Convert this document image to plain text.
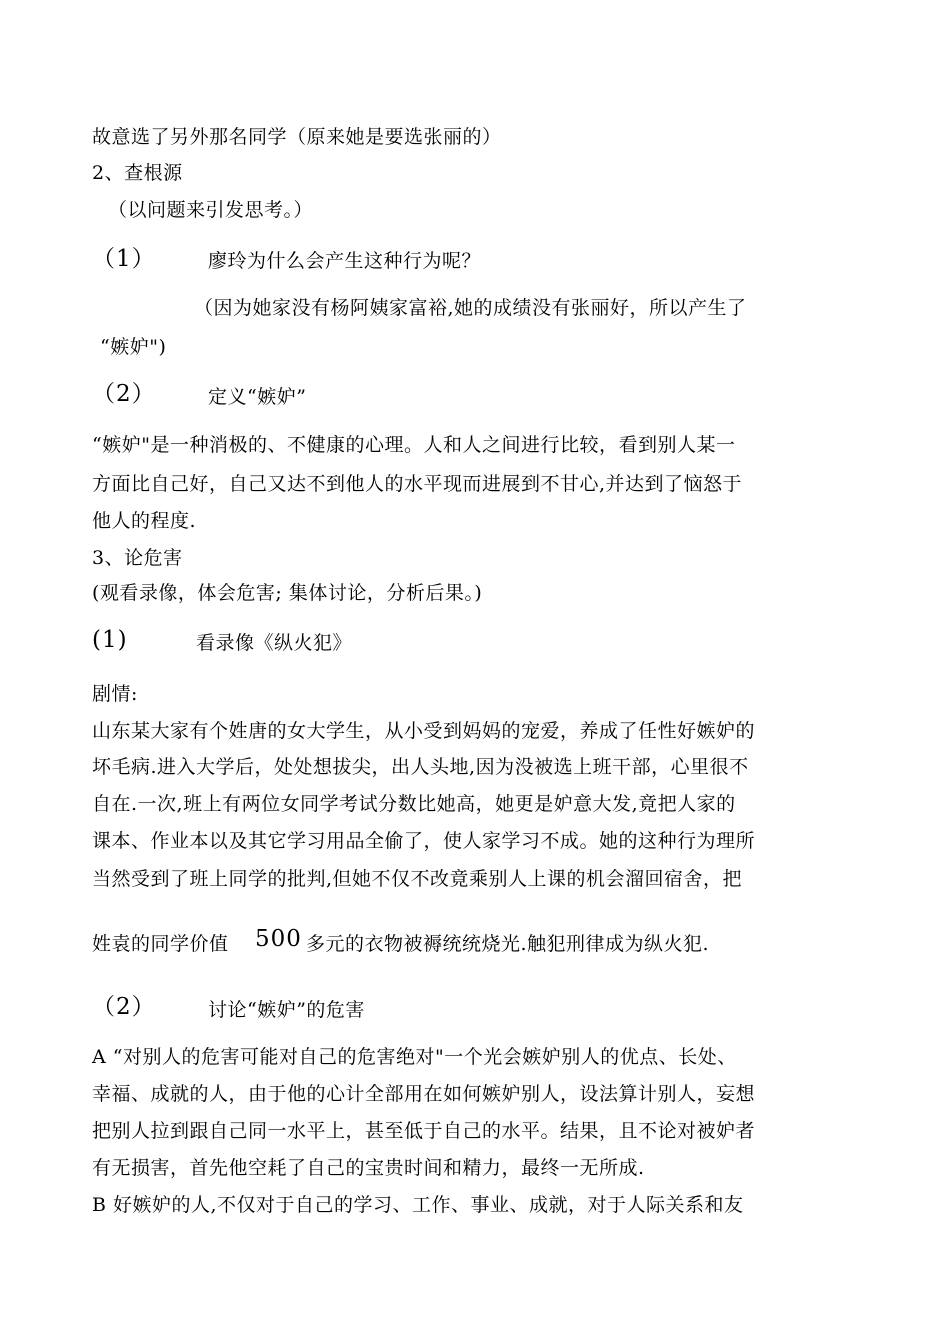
故意选了另外那名同学（原来她是要选张丽的）
2、查根源
（以问题来引发思考。）
（1）	廖玲为什么会产生这种行为呢？
（因为她家没有杨阿姨家富裕,她的成绩没有张丽好，所以产生了
“嫉妒")
（2）	定义“嫉妒”
“嫉妒"是一种消极的、不健康的心理。人和人之间进行比较，看到别人某一
方面比自己好，自己又达不到他人的水平现而进展到不甘心,并达到了恼怒于
他人的程度.
3、论危害
(观看录像，体会危害; 集体讨论，分析后果。)
(1)	看录像《纵火犯》
剧情:
山东某大家有个姓唐的女大学生，从小受到妈妈的宠爱，养成了任性好嫉妒的
坏毛病.进入大学后，处处想拔尖，出人头地,因为没被选上班干部，心里很不
自在.一次,班上有两位女同学考试分数比她高，她更是妒意大发,竟把人家的
课本、作业本以及其它学习用品全偷了，使人家学习不成。她的这种行为理所
当然受到了班上同学的批判,但她不仅不改竟乘别人上课的机会溜回宿舍，把
姓袁的同学价值 500 多元的衣物被褥统统烧光.触犯刑律成为纵火犯.
（2）	讨论“嫉妒”的危害
A “对别人的危害可能对自己的危害绝对"一个光会嫉妒别人的优点、长处、
幸福、成就的人，由于他的心计全部用在如何嫉妒别人，设法算计别人，妄想
把别人拉到跟自己同一水平上，甚至低于自己的水平。结果，且不论对被妒者
有无损害，首先他空耗了自己的宝贵时间和精力，最终一无所成.
B 好嫉妒的人,不仅对于自己的学习、工作、事业、成就，对于人际关系和友
